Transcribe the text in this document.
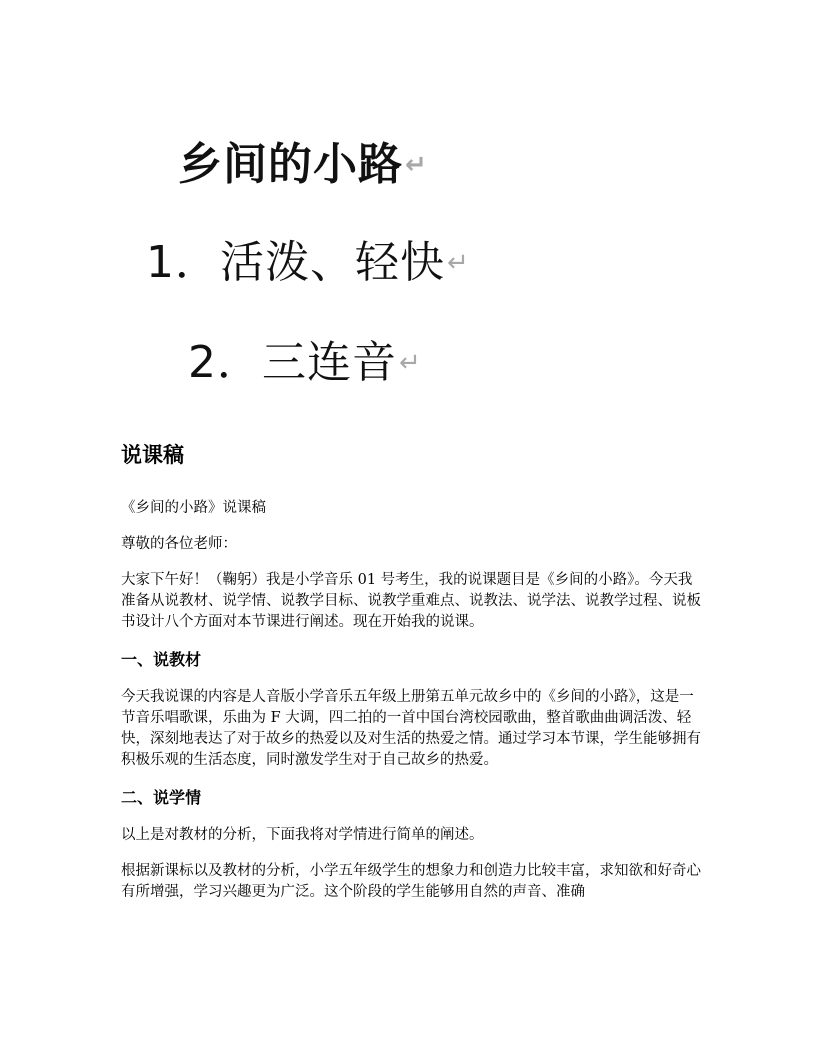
乡间的小路↵
1．活泼、轻快↵
2．三连音↵
说课稿

《乡间的小路》说课稿

尊敬的各位老师：

大家下午好！（鞠躬）我是小学音乐 01 号考生，我的说课题目是《乡间的小路》。今天我准备从说教材、说学情、说教学目标、说教学重难点、说教法、说学法、说教学过程、说板书设计八个方面对本节课进行阐述。现在开始我的说课。

一、说教材

今天我说课的内容是人音版小学音乐五年级上册第五单元故乡中的《乡间的小路》，这是一节音乐唱歌课，乐曲为 F 大调，四二拍的一首中国台湾校园歌曲，整首歌曲曲调活泼、轻快，深刻地表达了对于故乡的热爱以及对生活的热爱之情。通过学习本节课，学生能够拥有积极乐观的生活态度，同时激发学生对于自己故乡的热爱。

二、说学情

以上是对教材的分析，下面我将对学情进行简单的阐述。

根据新课标以及教材的分析，小学五年级学生的想象力和创造力比较丰富，求知欲和好奇心有所增强，学习兴趣更为广泛。这个阶段的学生能够用自然的声音、准确
